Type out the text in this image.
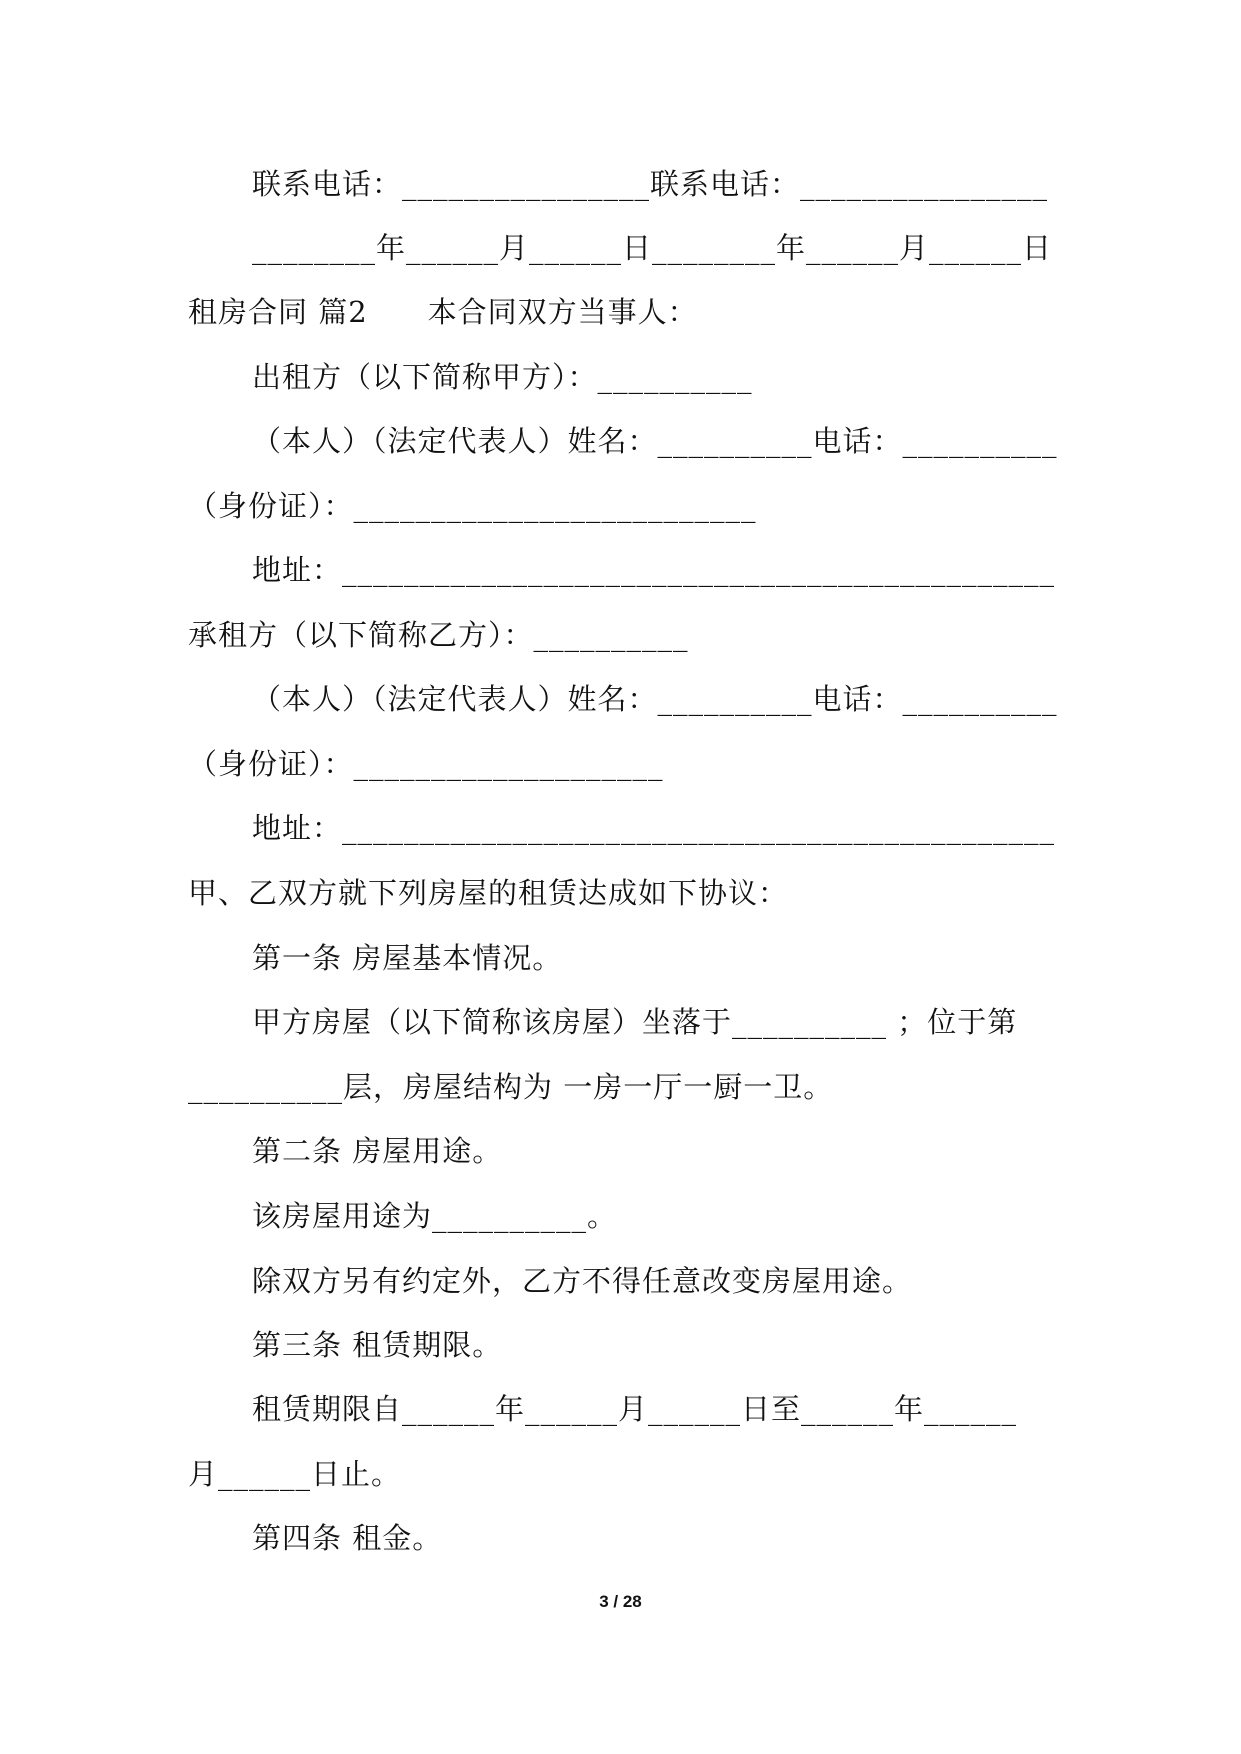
联系电话：________________联系电话：________________
________年______月______日________年______月______日
租房合同 篇2　　本合同双方当事人：
出租方（以下简称甲方）：__________
（本人）（法定代表人）姓名：__________电话：__________
（身份证）：__________________________
地址：______________________________________________
承租方（以下简称乙方）：__________
（本人）（法定代表人）姓名：__________电话：__________
（身份证）：____________________
地址：______________________________________________
甲、乙双方就下列房屋的租赁达成如下协议：
第一条 房屋基本情况。
甲方房屋（以下简称该房屋）坐落于__________ ；位于第
__________层，房屋结构为 一房一厅一厨一卫。
第二条 房屋用途。
该房屋用途为__________。
除双方另有约定外，乙方不得任意改变房屋用途。
第三条 租赁期限。
租赁期限自______年______月______日至______年______
月______日止。
第四条 租金。
3 / 28
